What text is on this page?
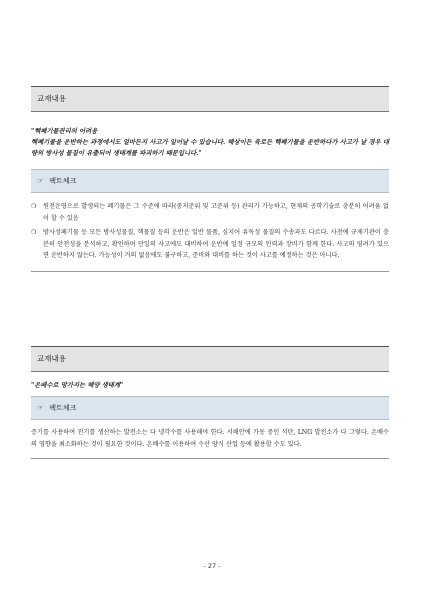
교재내용

"핵폐기물관리의 어려움

핵폐기물을 운반하는 과정에서도 얼마든지 사고가 일어날 수 있습니다. 해상이든 육로든 핵폐기물을 운반하다가 사고가 날 경우 대량의 방사성 물질이 유출되어 생태계를 파괴하기 때문입니다."

☞ 팩트체크
❍ 원전운영으로 발생되는 폐기물은 그 수준에 따라(중저준위 및 고준위 등) 관리가 가능하고, 현재의 공학기술로 충분히 어려움 없이 할 수 있음
❍ 방사성폐기물 등 모든 방사성물질, 핵물질 등의 운반은 일반 물품, 심지어 유독성 물질의 수송과도 다르다. 사전에 규제기관이 충분히 안전성을 분석하고, 확인하며 만일의 사고에도 대비하여 운반에 일정 규모의 인력과 장비가 함께 한다. 사고의 염려가 있으면 운반하지 않는다. 가능성이 거의 없음에도 불구하고, 준비와 대비를 하는 것이 사고를 예정하는 것은 아니다.
교재내용

"온배수로 망가지는 해양 생태계"

☞ 팩트체크

증기를 사용하여 전기를 생산하는 발전소는 다 냉각수를 사용해야 한다. 서해안에 가동 중인 석탄, LNG 발전소가 다 그렇다. 온배수의 영향을 최소화하는 것이 필요한 것이다. 온배수를 이용하여 수산 양식 산업 등에 활용할 수도 있다.

- 27 -
